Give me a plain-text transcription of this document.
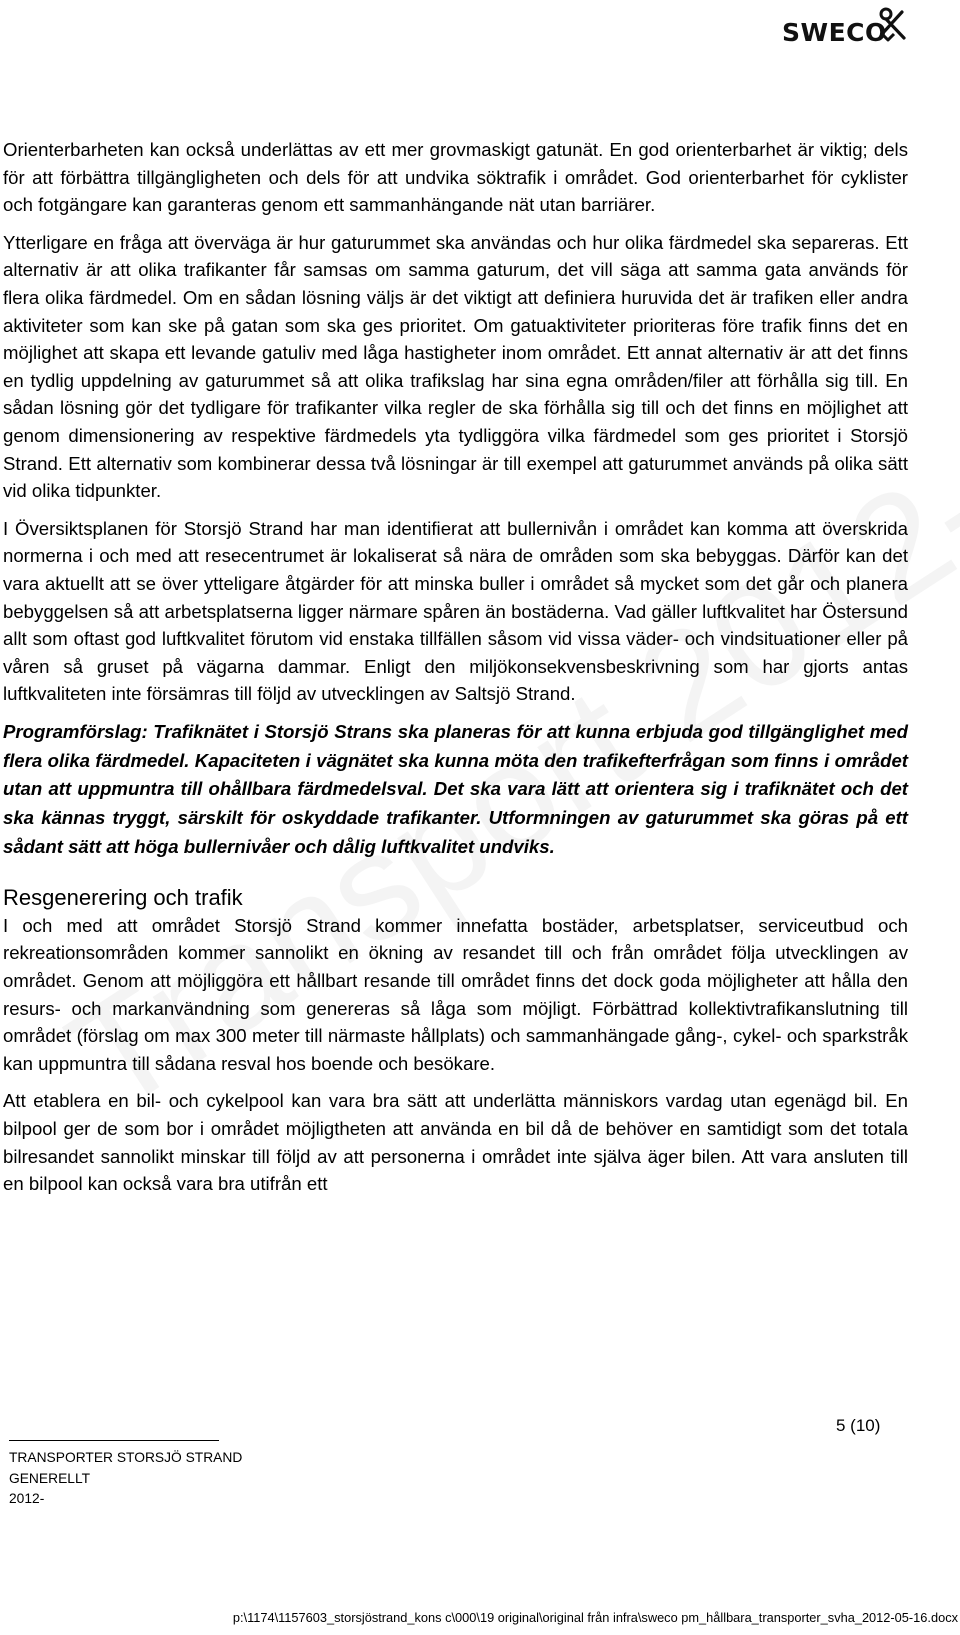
SWECO

Orienterbarheten kan också underlättas av ett mer grovmaskigt gatunät. En god orienterbarhet är viktig; dels för att förbättra tillgängligheten och dels för att undvika söktrafik i området. God orienterbarhet för cyklister och fotgängare kan garanteras genom ett sammanhängande nät utan barriärer.

Ytterligare en fråga att överväga är hur gaturummet ska användas och hur olika färdmedel ska separeras. Ett alternativ är att olika trafikanter får samsas om samma gaturum, det vill säga att samma gata används för flera olika färdmedel. Om en sådan lösning väljs är det viktigt att definiera huruvida det är trafiken eller andra aktiviteter som kan ske på gatan som ska ges prioritet. Om gatuaktiviteter prioriteras före trafik finns det en möjlighet att skapa ett levande gatuliv med låga hastigheter inom området. Ett annat alternativ är att det finns en tydlig uppdelning av gaturummet så att olika trafikslag har sina egna områden/filer att förhålla sig till. En sådan lösning gör det tydligare för trafikanter vilka regler de ska förhålla sig till och det finns en möjlighet att genom dimensionering av respektive färdmedels yta tydliggöra vilka färdmedel som ges prioritet i Storsjö Strand. Ett alternativ som kombinerar dessa två lösningar är till exempel att gaturummet används på olika sätt vid olika tidpunkter.

I Översiktsplanen för Storsjö Strand har man identifierat att bullernivån i området kan komma att överskrida normerna i och med att resecentrumet är lokaliserat så nära de områden som ska bebyggas. Därför kan det vara aktuellt att se över ytteligare åtgärder för att minska buller i området så mycket som det går och planera bebyggelsen så att arbetsplatserna ligger närmare spåren än bostäderna. Vad gäller luftkvalitet har Östersund allt som oftast god luftkvalitet förutom vid enstaka tillfällen såsom vid vissa väder- och vindsituationer eller på våren så gruset på vägarna dammar. Enligt den miljökonsekvensbeskrivning som har gjorts antas luftkvaliteten inte försämras till följd av utvecklingen av Saltsjö Strand.

Programförslag: Trafiknätet i Storsjö Strans ska planeras för att kunna erbjuda god tillgänglighet med flera olika färdmedel. Kapaciteten i vägnätet ska kunna möta den trafikefterfrågan som finns i området utan att uppmuntra till ohållbara färdmedelsval. Det ska vara lätt att orientera sig i trafiknätet och det ska kännas tryggt, särskilt för oskyddade trafikanter. Utformningen av gaturummet ska göras på ett sådant sätt att höga bullernivåer och dålig luftkvalitet undviks.

Resgenerering och trafik

I och med att området Storsjö Strand kommer innefatta bostäder, arbetsplatser, serviceutbud och rekreationsområden kommer sannolikt en ökning av resandet till och från området följa utvecklingen av området. Genom att möjliggöra ett hållbart resande till området finns det dock goda möjligheter att hålla den resurs- och markanvändning som genereras så låga som möjligt. Förbättrad kollektivtrafikanslutning till området (förslag om max 300 meter till närmaste hållplats) och sammanhängade gång-, cykel- och sparkstråk kan uppmuntra till sådana resval hos boende och besökare.

Att etablera en bil- och cykelpool kan vara bra sätt att underlätta människors vardag utan egenägd bil. En bilpool ger de som bor i området möjligtheten att använda en bil då de behöver en samtidigt som det totala bilresandet sannolikt minskar till följd av att personerna i området inte själva äger bilen. Att vara ansluten till en bilpool kan också vara bra utifrån ett

5 (10)
TRANSPORTER STORSJÖ STRAND
GENERELLT
2012-
p:\1174\1157603_storsjöstrand_kons c\000\19 original\original från infra\sweco pm_hållbara_transporter_svha_2012-05-16.docx
